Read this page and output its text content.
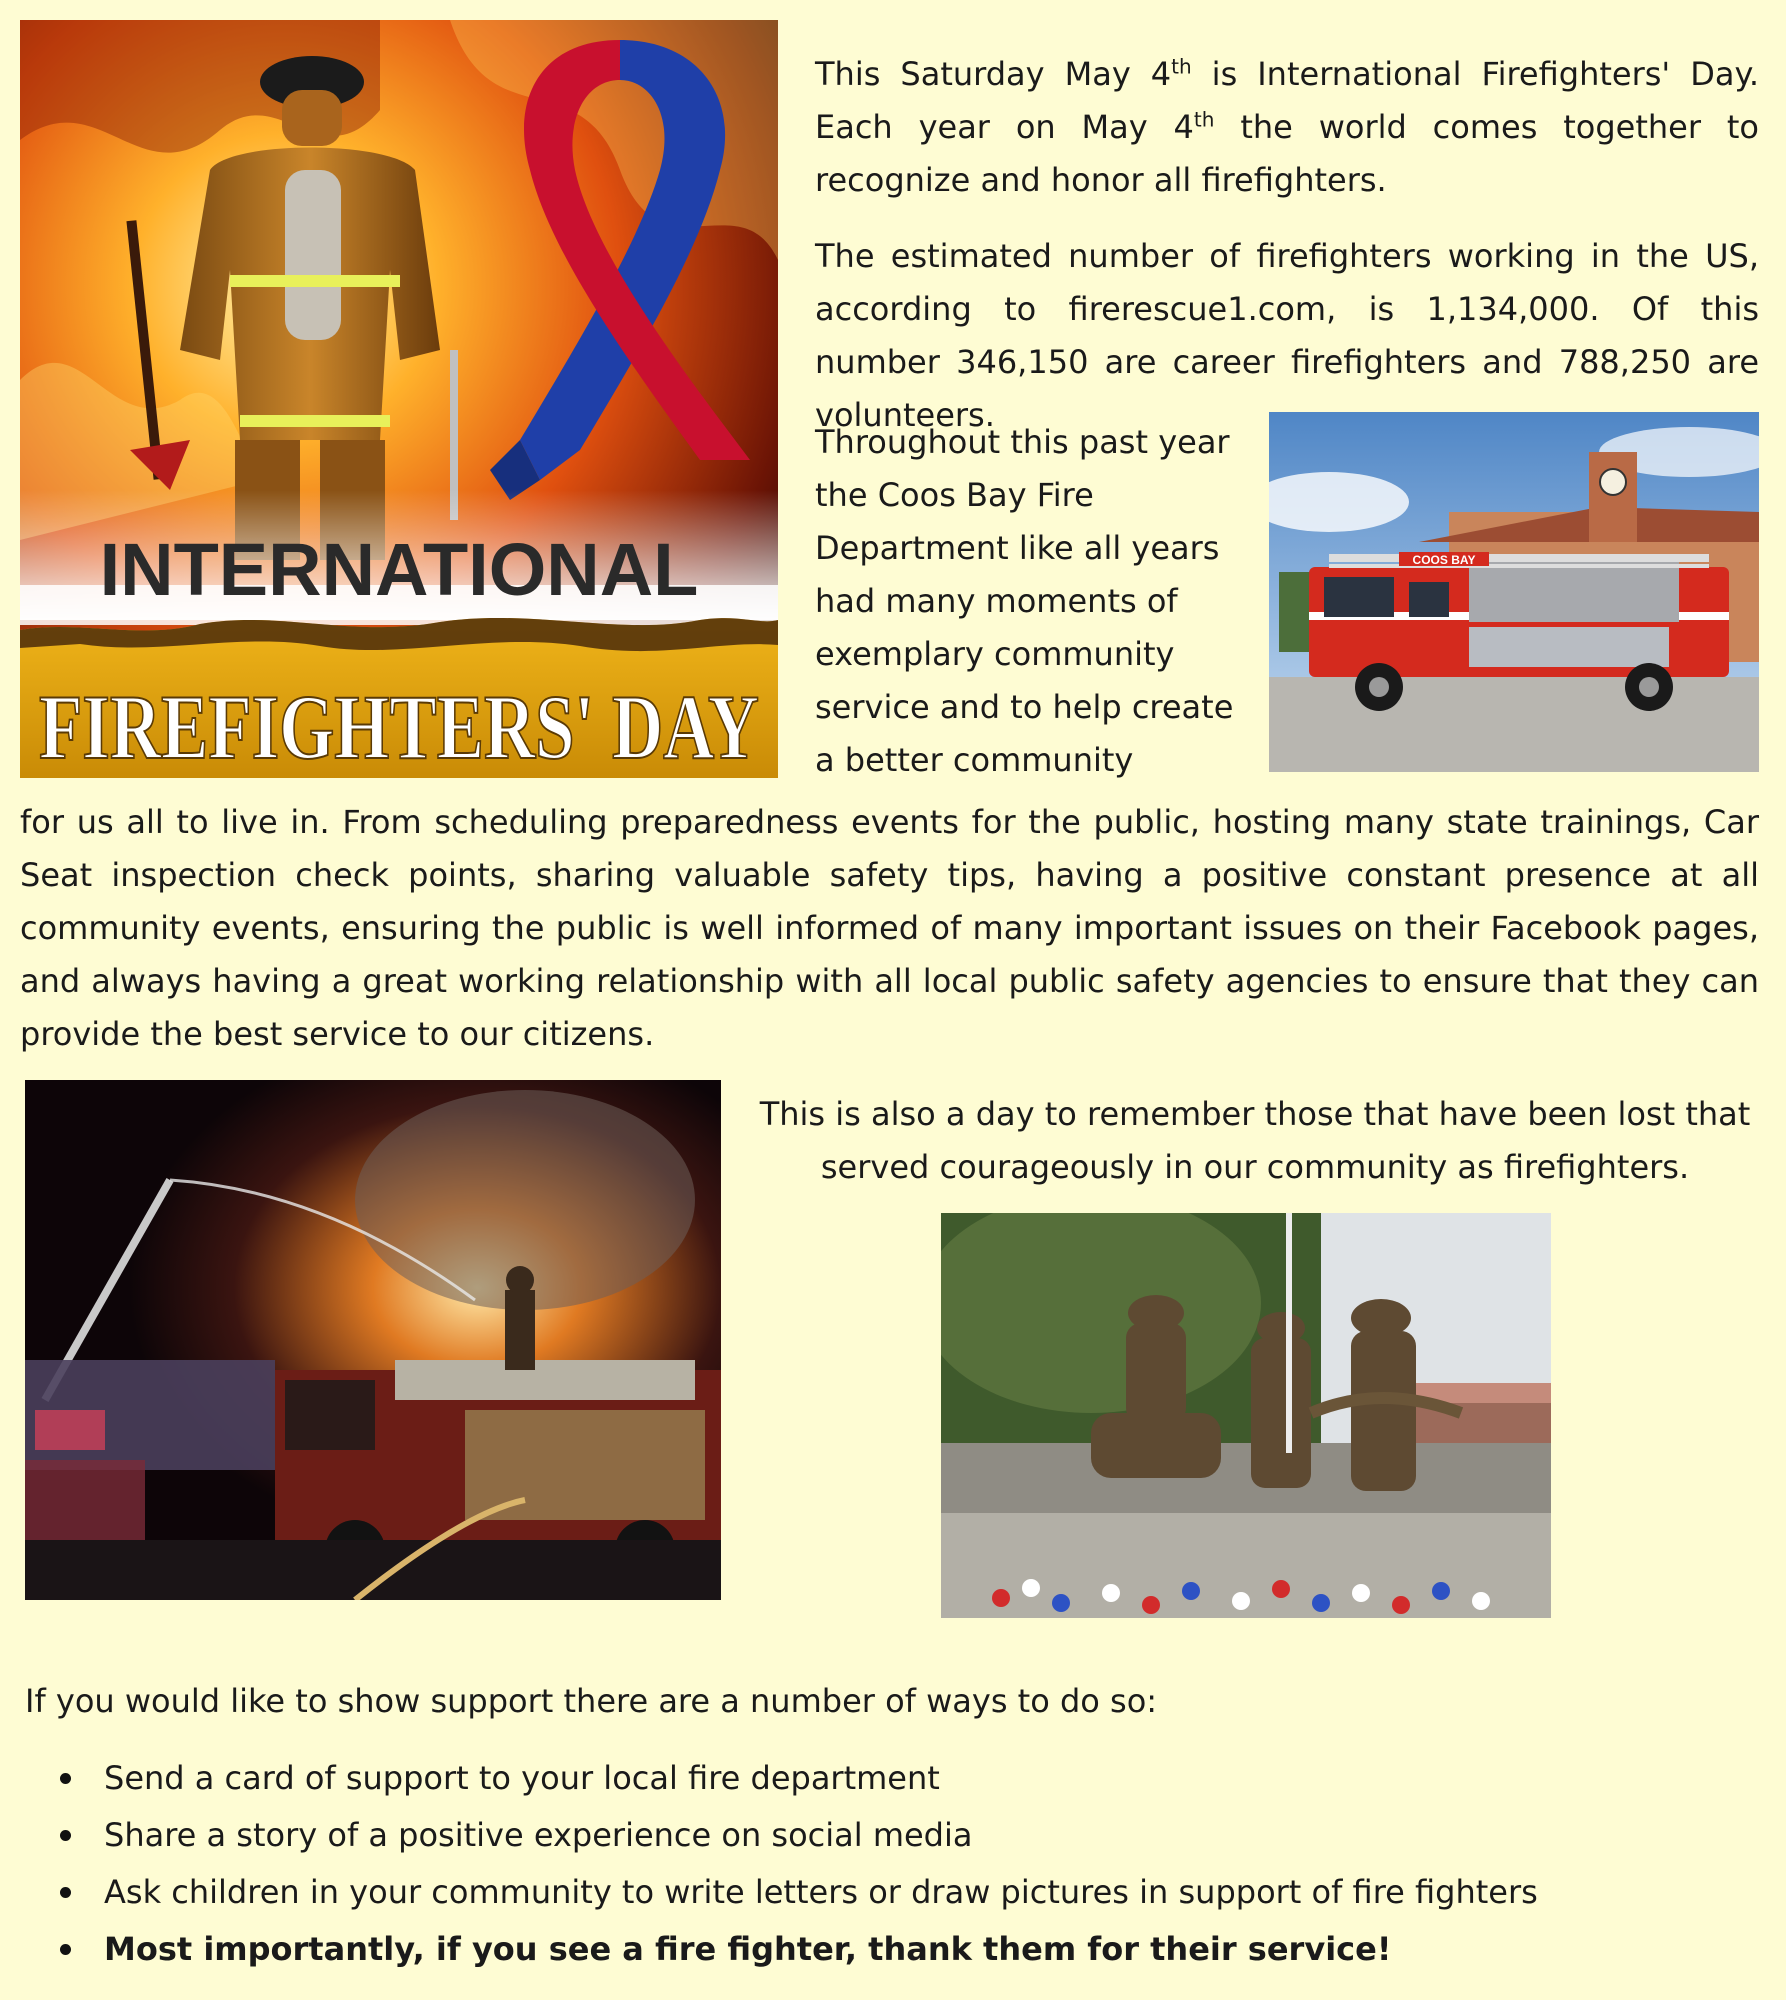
INTERNATIONAL
FIREFIGHTERS' DAY

This Saturday May 4th is International Firefighters' Day.

Each year on May 4th the world comes together to

recognize and honor all firefighters.

The estimated number of firefighters working in the US, according to firerescue1.com, is 1,134,000. Of this number 346,150 are career firefighters and 788,250 are volunteers.

Throughout this past year

the Coos Bay Fire

Department like all years

had many moments of

exemplary community

service and to help create

a better community

COOS BAY
for us all to live in. From scheduling preparedness events for the public, hosting many state trainings, Car Seat inspection check points, sharing valuable safety tips, having a positive constant presence at all community events, ensuring the public is well informed of many important issues on their Facebook pages, and always having a great working relationship with all local public safety agencies to ensure that they can provide the best service to our citizens.

This is also a day to remember those that have been lost that

served courageously in our community as firefighters.

If you would like to show support there are a number of ways to do so:
Send a card of support to your local fire department
Share a story of a positive experience on social media
Ask children in your community to write letters or draw pictures in support of fire fighters
Most importantly, if you see a fire fighter, thank them for their service!
